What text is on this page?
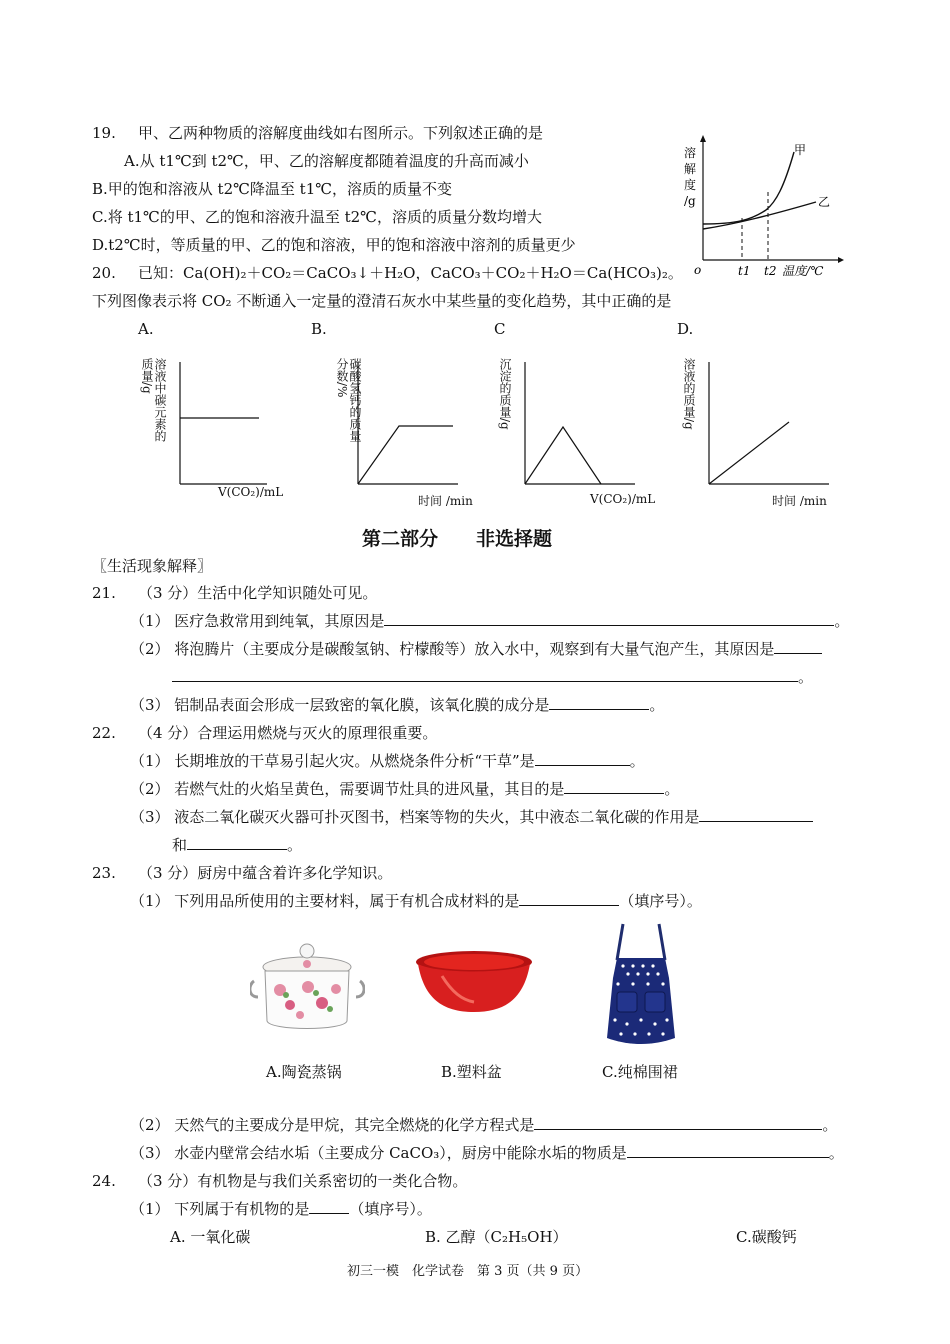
19. 甲、乙两种物质的溶解度曲线如右图所示。下列叙述正确的是
A.从 t1℃到 t2℃，甲、乙的溶解度都随着温度的升高而减小
B.甲的饱和溶液从 t2℃降温至 t1℃，溶质的质量不变
C.将 t1℃的甲、乙的饱和溶液升温至 t2℃，溶质的质量分数均增大
D.t2℃时，等质量的甲、乙的饱和溶液，甲的饱和溶液中溶剂的质量更少
溶
解
度
/g
甲
乙
o	t1 t2 温度/℃
20. 已知：Ca(OH)₂＋CO₂＝CaCO₃↓＋H₂O，CaCO₃＋CO₂＋H₂O＝Ca(HCO₃)₂。
下列图像表示将 CO₂ 不断通入一定量的澄清石灰水中某些量的变化趋势，其中正确的是
A.	B.	C	D.
溶液中碳元素的质量/g
V(CO₂)/mL
碳酸氢钙的质量分数/%
时间 /min
沉淀的质量/g
V(CO₂)/mL
溶液的质量/g
时间 /min
第二部分　　非选择题
〖生活现象解释〗
21. （3 分）生活中化学知识随处可见。
（1） 医疗急救常用到纯氧，其原因是	。
（2） 将泡腾片（主要成分是碳酸氢钠、柠檬酸等）放入水中，观察到有大量气泡产生，其原因是
。
（3） 铝制品表面会形成一层致密的氧化膜，该氧化膜的成分是	。
22. （4 分）合理运用燃烧与灭火的原理很重要。
（1） 长期堆放的干草易引起火灾。从燃烧条件分析“干草”是	。
（2） 若燃气灶的火焰呈黄色，需要调节灶具的进风量，其目的是	。
（3） 液态二氧化碳灭火器可扑灭图书，档案等物的失火，其中液态二氧化碳的作用是
和	。
23. （3 分）厨房中蕴含着许多化学知识。
（1） 下列用品所使用的主要材料，属于有机合成材料的是	（填序号）。
A.陶瓷蒸锅	B.塑料盆	C.纯棉围裙
（2） 天然气的主要成分是甲烷，其完全燃烧的化学方程式是	。
（3） 水壶内壁常会结水垢（主要成分 CaCO₃），厨房中能除水垢的物质是	。
24. （3 分）有机物是与我们关系密切的一类化合物。
（1） 下列属于有机物的是	（填序号）。
A. 一氧化碳	B. 乙醇（C₂H₅OH）	C.碳酸钙
初三一模　化学试卷　第 3 页（共 9 页）
